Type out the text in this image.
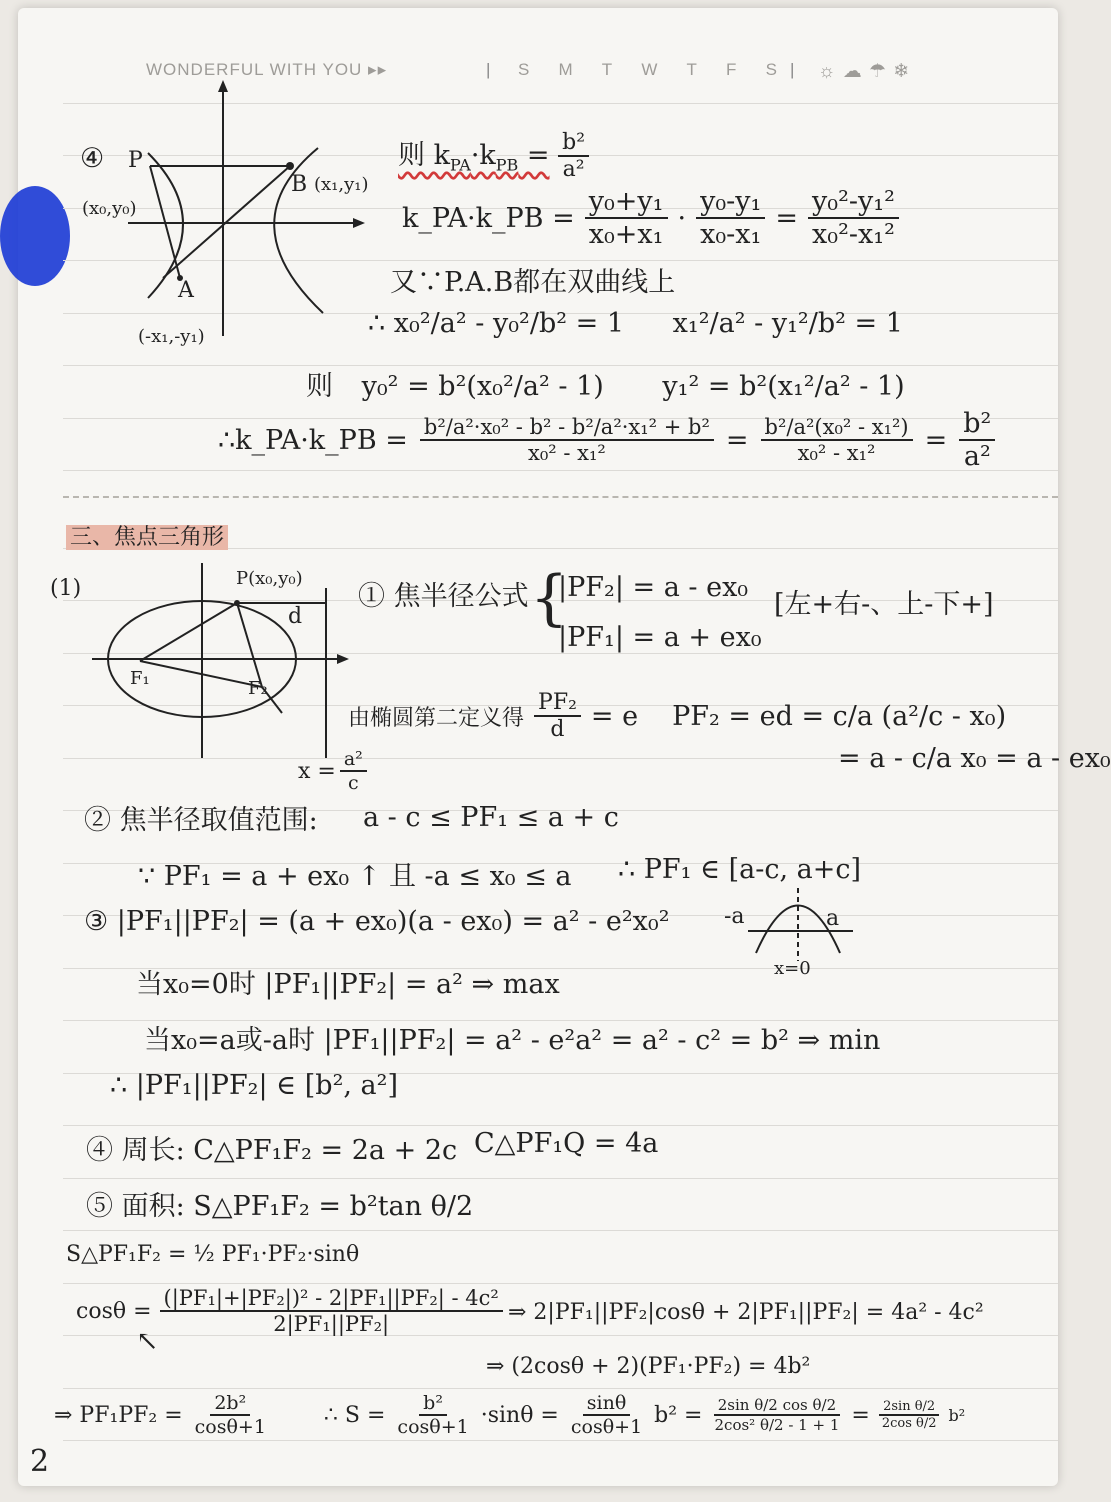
WONDERFUL WITH YOU ▸▸	| S M T W T F S | ☼ ☁ ☂ ❄
④ P
(x₀,y₀)
B (x₁,y₁)
A
(-x₁,-y₁)
则 $k_{PA}\cdot k_{PB} = \frac{\text{b²}}{\text{a²}}$
k_PA·k_PB = $\frac{\text{y₀+y₁}}{\text{x₀+x₁}} \cdot \frac{\text{y₀-y₁}}{\text{x₀-x₁}} = \frac{\text{y₀²-y₁²}}{\text{x₀²-x₁²}}$
又∵P.A.B都在双曲线上
∴ x₀²/a² - y₀²/b² = 1 x₁²/a² - y₁²/b² = 1
则 y₀² = b²(x₀²/a² - 1) y₁² = b²(x₁²/a² - 1)
∴k_PA·k_PB = $\frac{\text{b²/a²·x₀² - b² - b²/a²·x₁² + b²}}{\text{x₀² - x₁²}} = \frac{\text{b²/a²(x₀² - x₁²)}}{\text{x₀² - x₁²}} = \frac{\text{b²}}{\text{a²}}$
三、焦点三角形
(1)	P(x₀,y₀)
d
F₁	F₂
$x = \frac{\text{a²}}{c}$
① 焦半径公式 {
|PF₂| = a - ex₀
|PF₁| = a + ex₀
[左+右-、上-下+]
由椭圆第二定义得 $\frac{\text{PF₂}}{d} = e$ PF₂ = ed = c/a (a²/c - x₀)
= a - c/a x₀ = a - ex₀
② 焦半径取值范围: a - c ≤ PF₁ ≤ a + c
∵ PF₁ = a + ex₀ ↑ 且 -a ≤ x₀ ≤ a ∴ PF₁ ∈ [a-c, a+c]
③ |PF₁||PF₂| = (a + ex₀)(a - ex₀) = a² - e²x₀² -a	a
x=0
当x₀=0时 |PF₁||PF₂| = a² ⇒ max
当x₀=a或-a时 |PF₁||PF₂| = a² - e²a² = a² - c² = b² ⇒ min
∴ |PF₁||PF₂| ∈ [b², a²]
④ 周长: C△PF₁F₂ = 2a + 2c C△PF₁Q = 4a
⑤ 面积: S△PF₁F₂ = b²tan θ/2
S△PF₁F₂ = ½ PF₁·PF₂·sinθ
$\cos\theta = \frac{\text{(|PF₁|+|PF₂|)² - 2|PF₁||PF₂| - 4c²}}{\text{2|PF₁||PF₂|}}$
↖
⇒ 2|PF₁||PF₂|cosθ + 2|PF₁||PF₂| = 4a² - 4c²
⇒ (2cosθ + 2)(PF₁·PF₂) = 4b²
⇒ $PF_1PF_2 = \frac{\text{2b²}}{\cos\theta+1}$ ∴ $S = \frac{\text{b²}}{\cos\theta+1} \cdot\sin\theta = \frac{\sin\theta}{\cos\theta+1} b^2 = \frac{\text{2sin θ/2 cos θ/2}}{\text{2cos² θ/2 - 1 + 1}} = \frac{\text{2sin θ/2}}{\text{2cos θ/2}} b^2$
2
